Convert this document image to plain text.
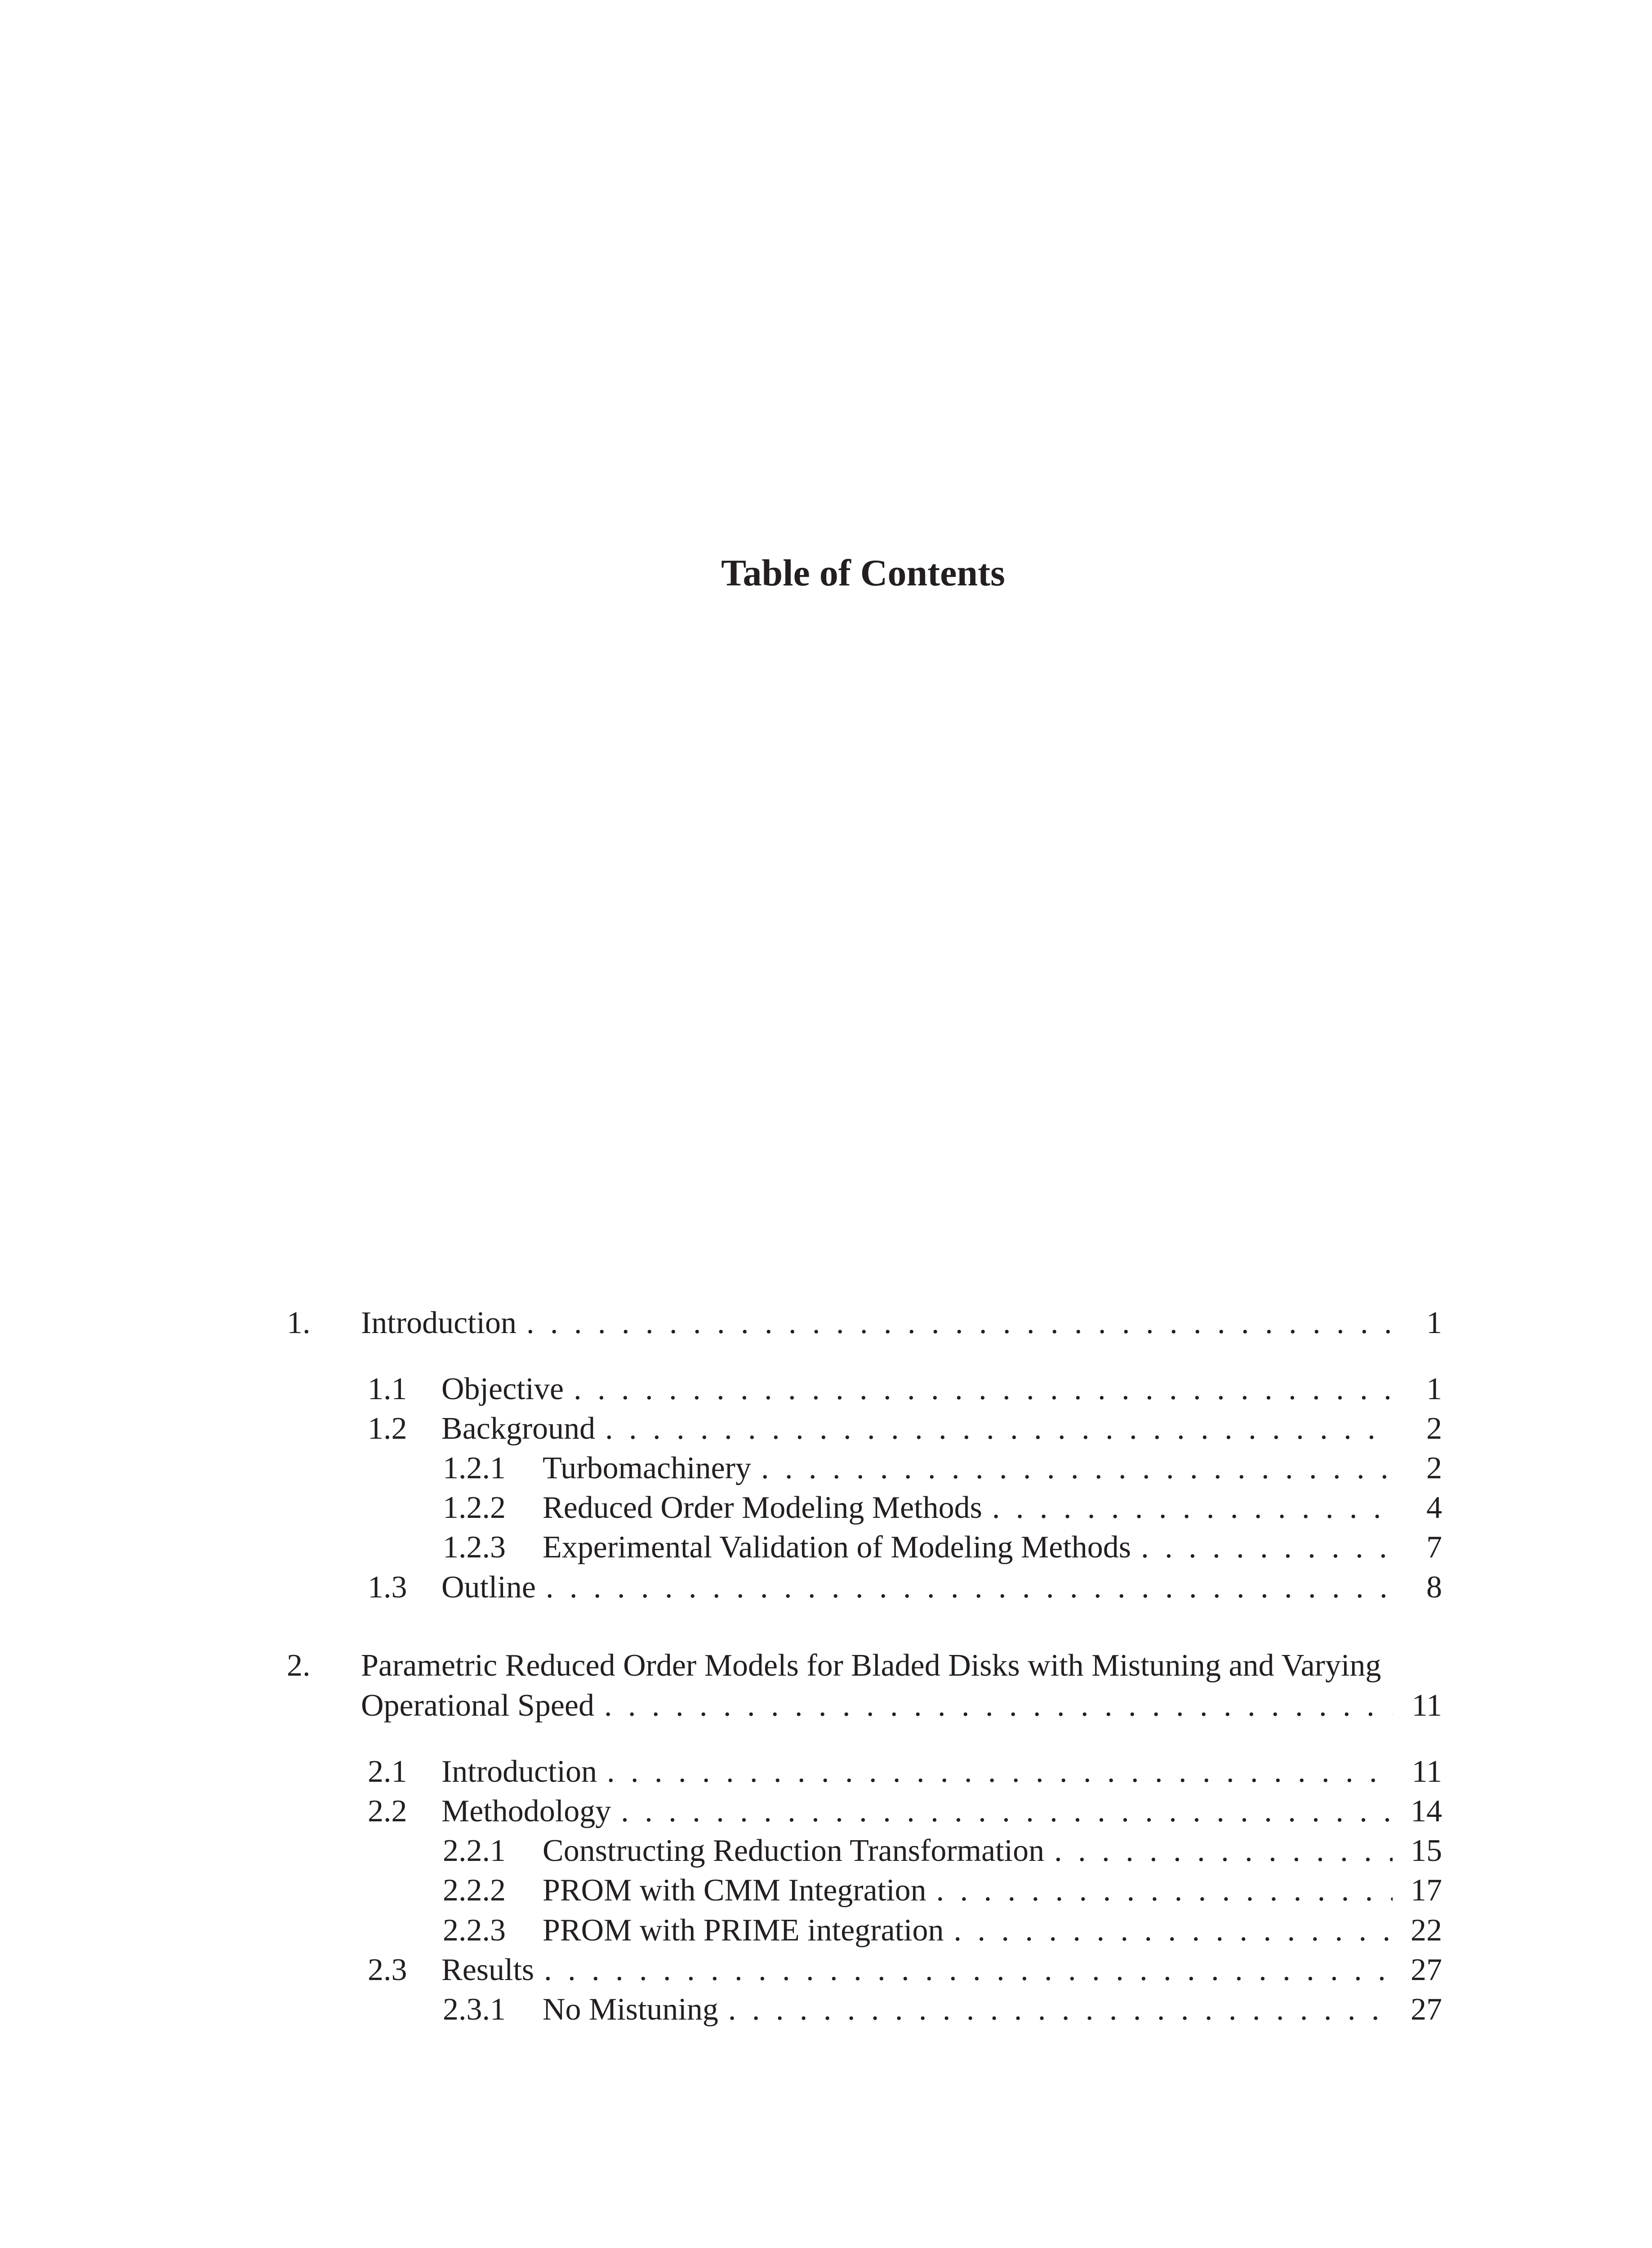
Table of Contents
1. Introduction . . .	1
1.1 Objective . . .	1
1.2 Background . . .	2
1.2.1 Turbomachinery . . .	2
1.2.2 Reduced Order Modeling Methods . . .	4
1.2.3 Experimental Validation of Modeling Methods . . .	7
1.3 Outline . . .	8
2. Parametric Reduced Order Models for Bladed Disks with Mistuning and Varying
Operational Speed . . .	11
2.1 Introduction . . .	11
2.2 Methodology . . .	14
2.2.1 Constructing Reduction Transformation . . .	15
2.2.2 PROM with CMM Integration . . .	17
2.2.3 PROM with PRIME integration . . .	22
2.3 Results . . .	27
2.3.1 No Mistuning . . .	27
